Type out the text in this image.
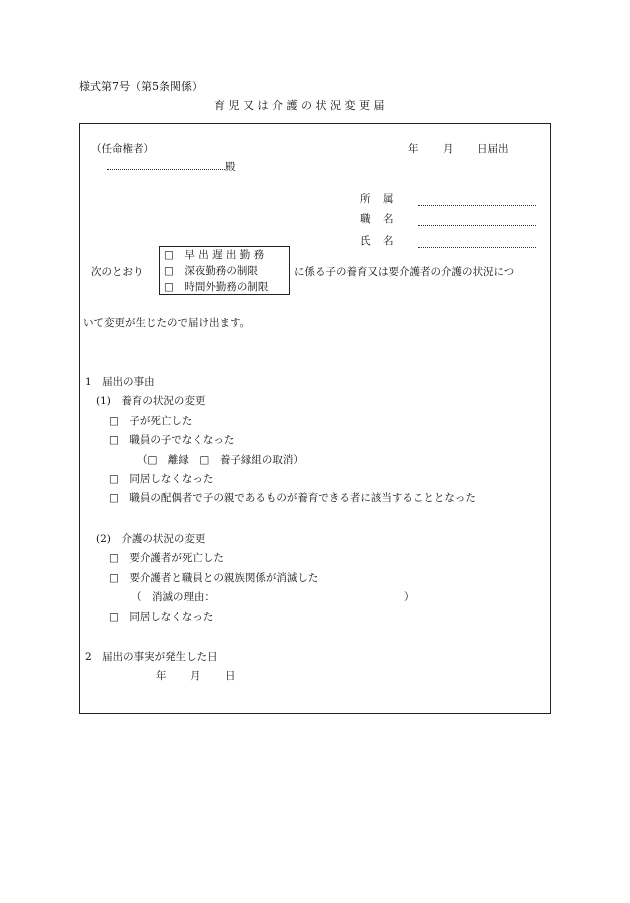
様式第7号（第5条関係）
育 児 又 は 介 護 の 状 況 変 更 届
（任命権者）
殿
年 月 日届出
所　属
職　名
氏　名
次のとおり
□　早 出 遅 出 勤 務
□　深夜勤務の制限
□　時間外勤務の制限
に係る子の養育又は要介護者の介護の状況につ
いて変更が生じたので届け出ます。
1　届出の事由
(1)　養育の状況の変更
□　子が死亡した
□　職員の子でなくなった
（□　離縁　□　養子縁組の取消）
□　同居しなくなった
□　職員の配偶者で子の親であるものが養育できる者に該当することとなった
(2)　介護の状況の変更
□　要介護者が死亡した
□　要介護者と職員との親族関係が消滅した
（　消滅の理由：	）
□　同居しなくなった
2　届出の事実が発生した日
年 月 日
